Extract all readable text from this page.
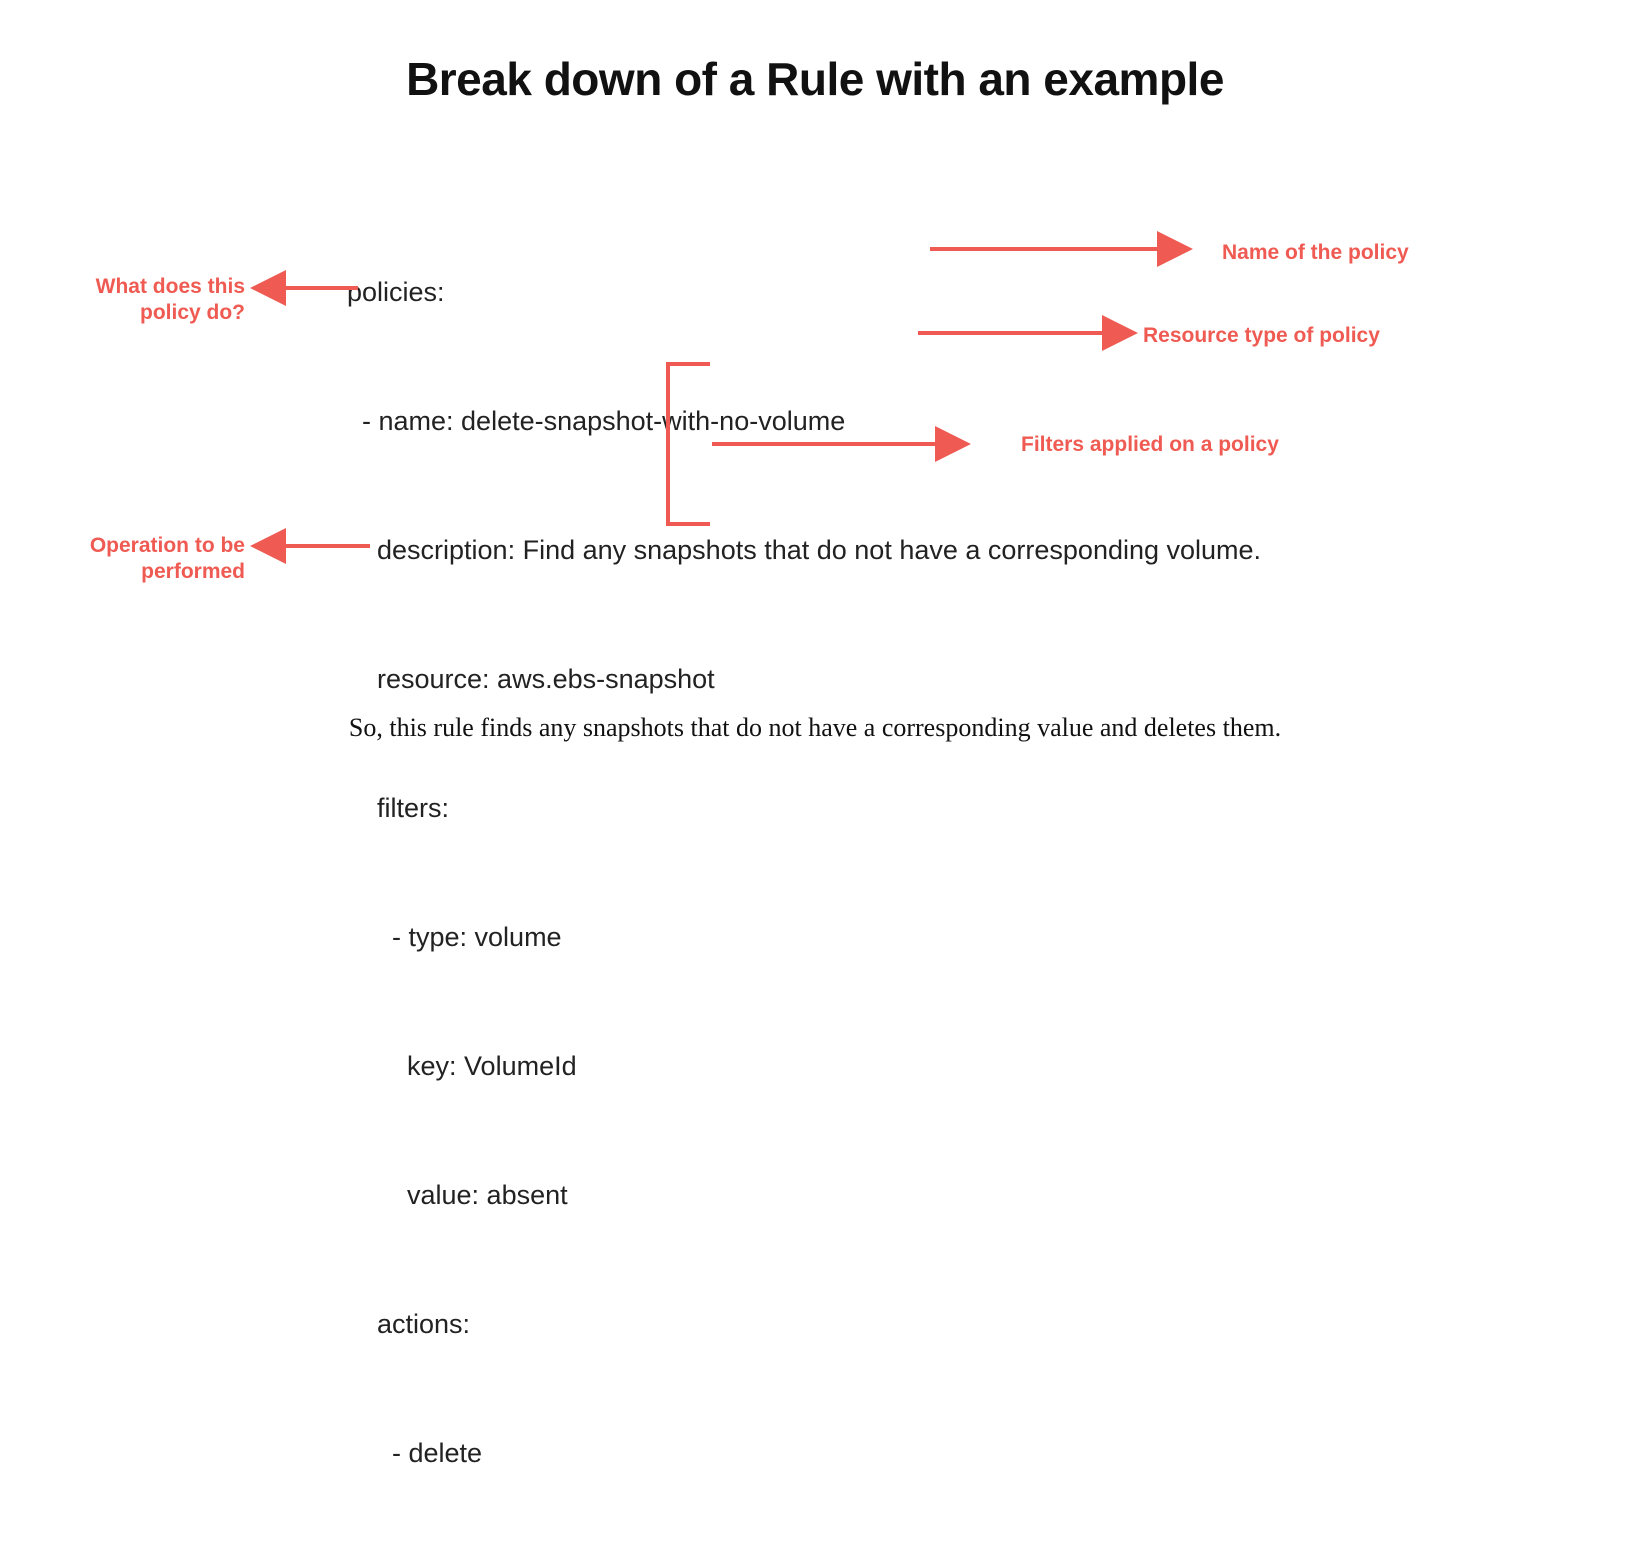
Break down of a Rule with an example

policies:

- name: delete-snapshot-with-no-volume

description: Find any snapshots that do not have a corresponding volume.

resource: aws.ebs-snapshot

filters:

- type: volume

key: VolumeId

value: absent

actions:

- delete

Name of the policy
Resource type of policy
Filters applied on a policy
What does this policy do?
Operation to be performed
So, this rule finds any snapshots that do not have a corresponding value and deletes them.
